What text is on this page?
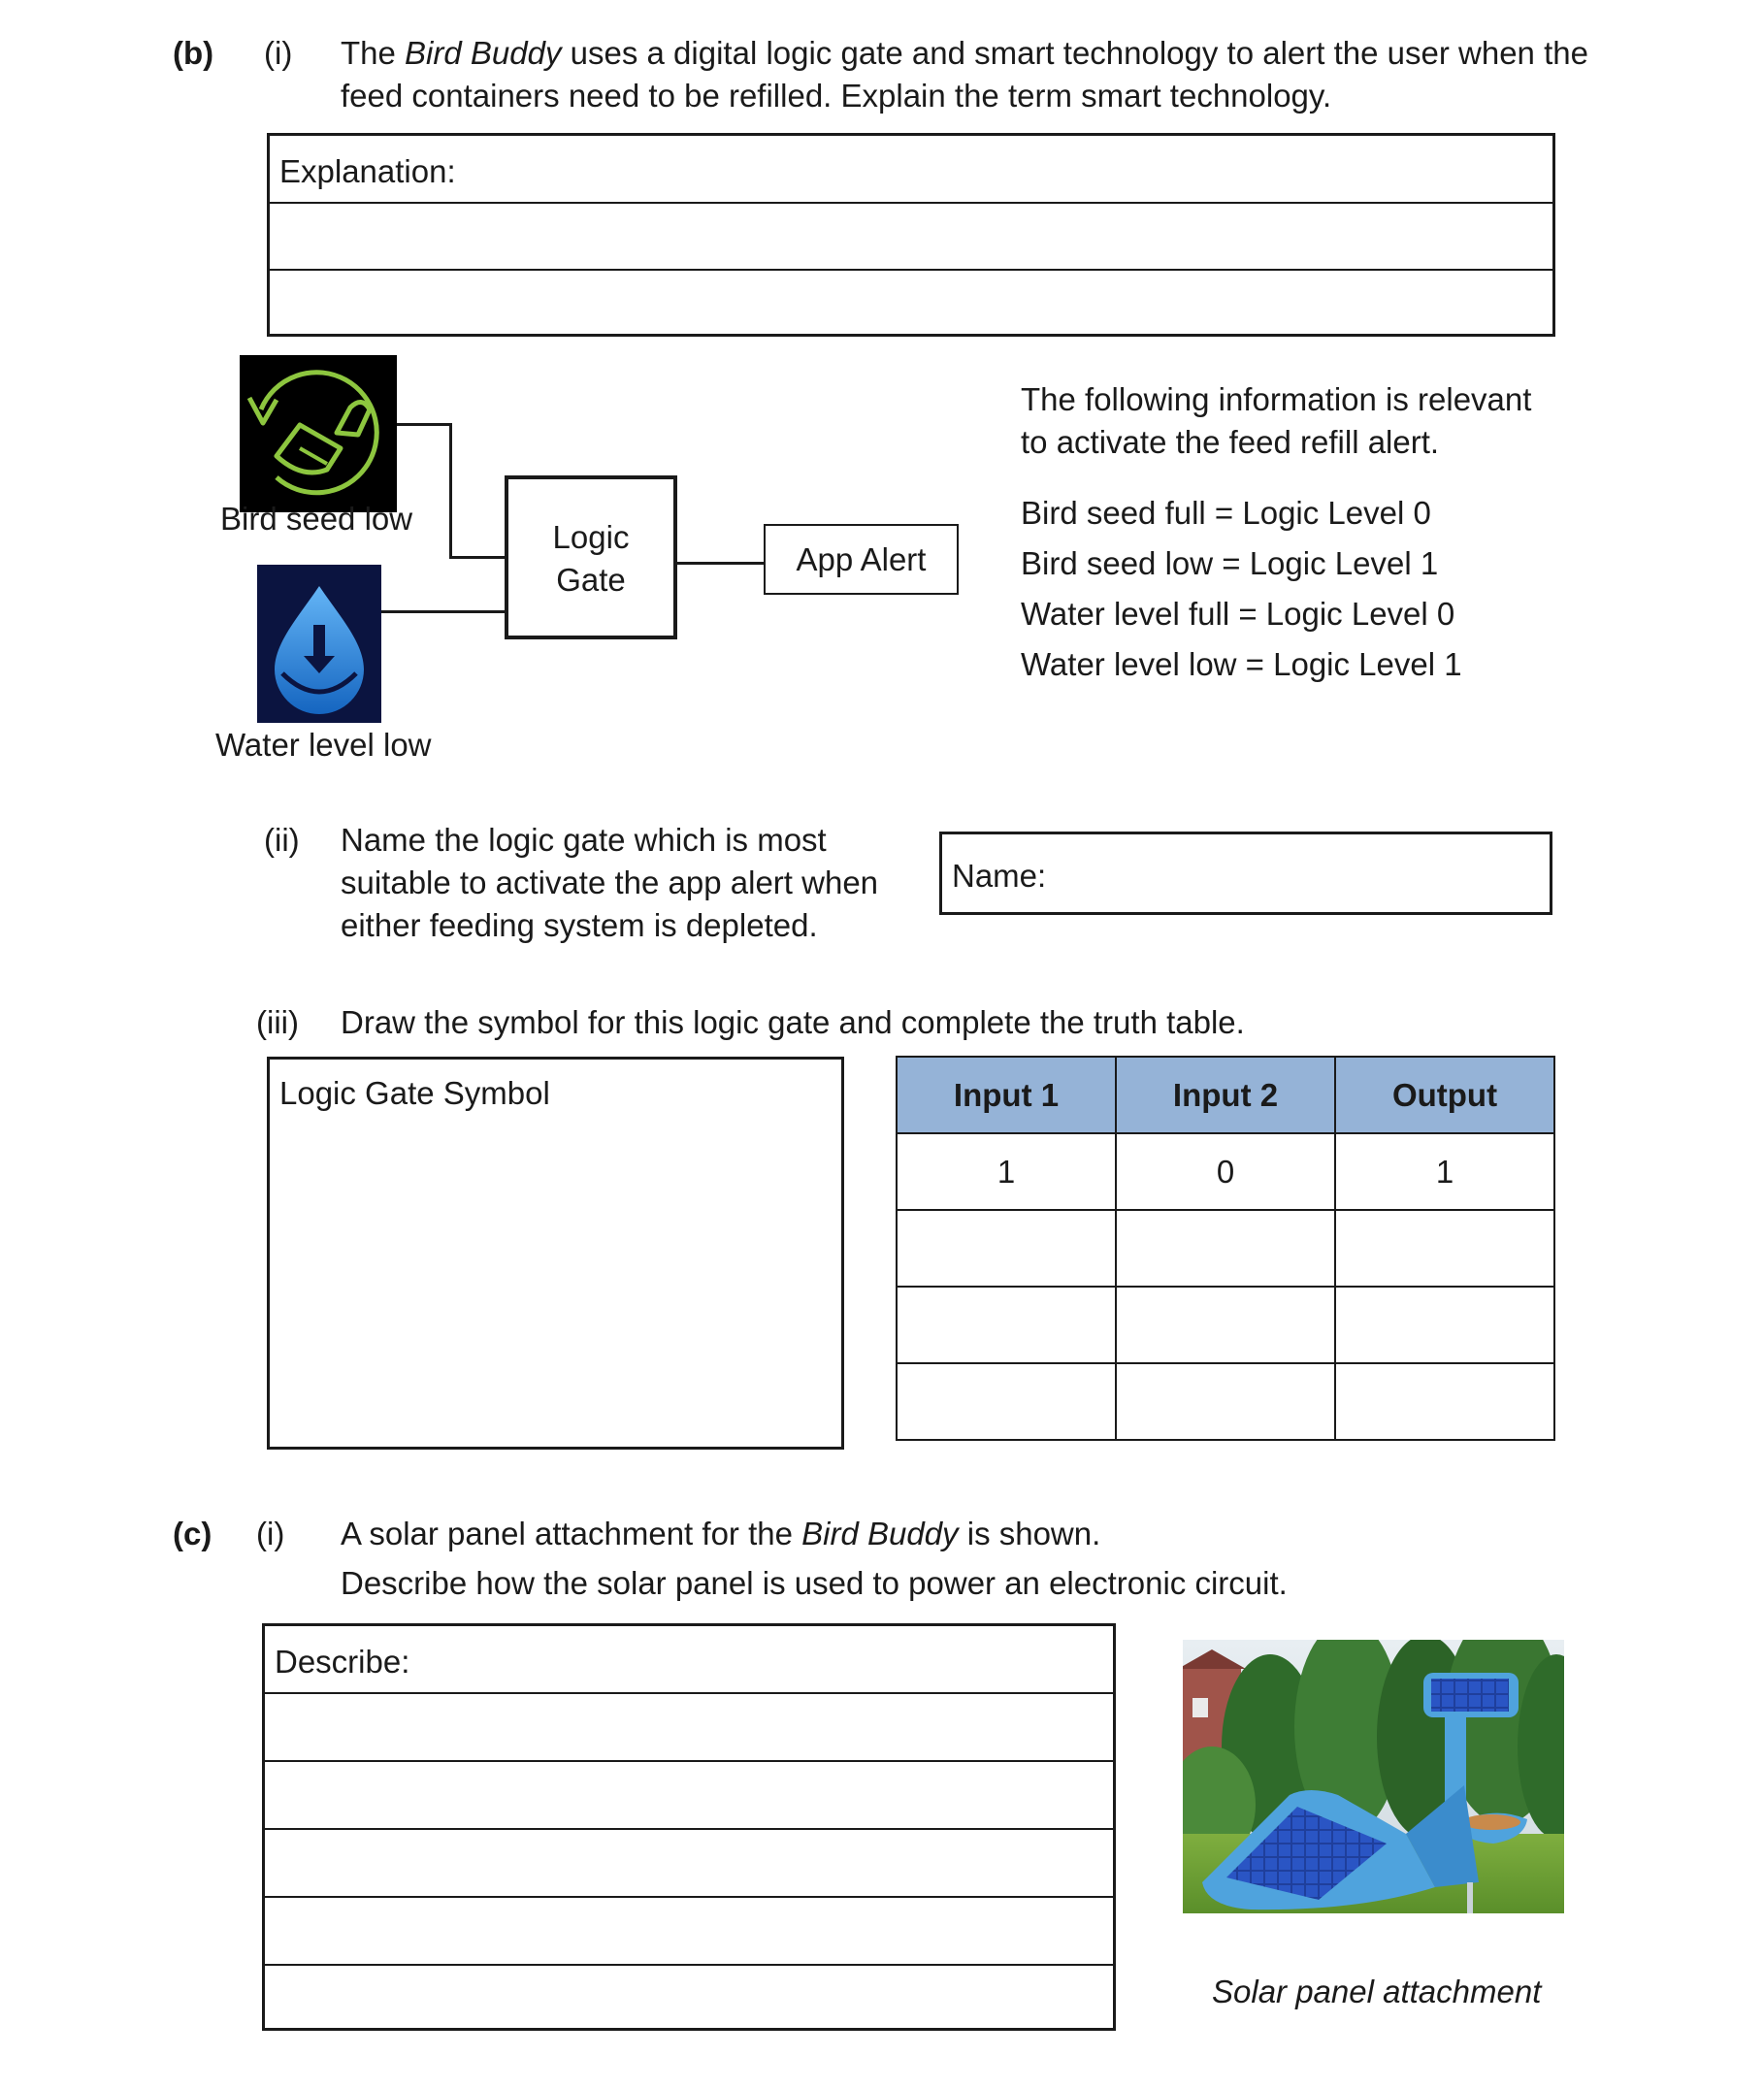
(b) (i) The Bird Buddy uses a digital logic gate and smart technology to alert the user when the
feed containers need to be refilled. Explain the term smart technology.
Explanation:
Bird seed low
Water level low
Logic
Gate
App Alert
The following information is relevant
to activate the feed refill alert.
Bird seed full = Logic Level 0
Bird seed low = Logic Level 1
Water level full = Logic Level 0
Water level low = Logic Level 1
(ii) Name the logic gate which is most
suitable to activate the app alert when
either feeding system is depleted.
Name:
(iii) Draw the symbol for this logic gate and complete the truth table.
Logic Gate Symbol	Input 1	Input 2	Output
1	0	1

(c) (i) A solar panel attachment for the Bird Buddy is shown.
Describe how the solar panel is used to power an electronic circuit.
Describe:
Solar panel attachment
